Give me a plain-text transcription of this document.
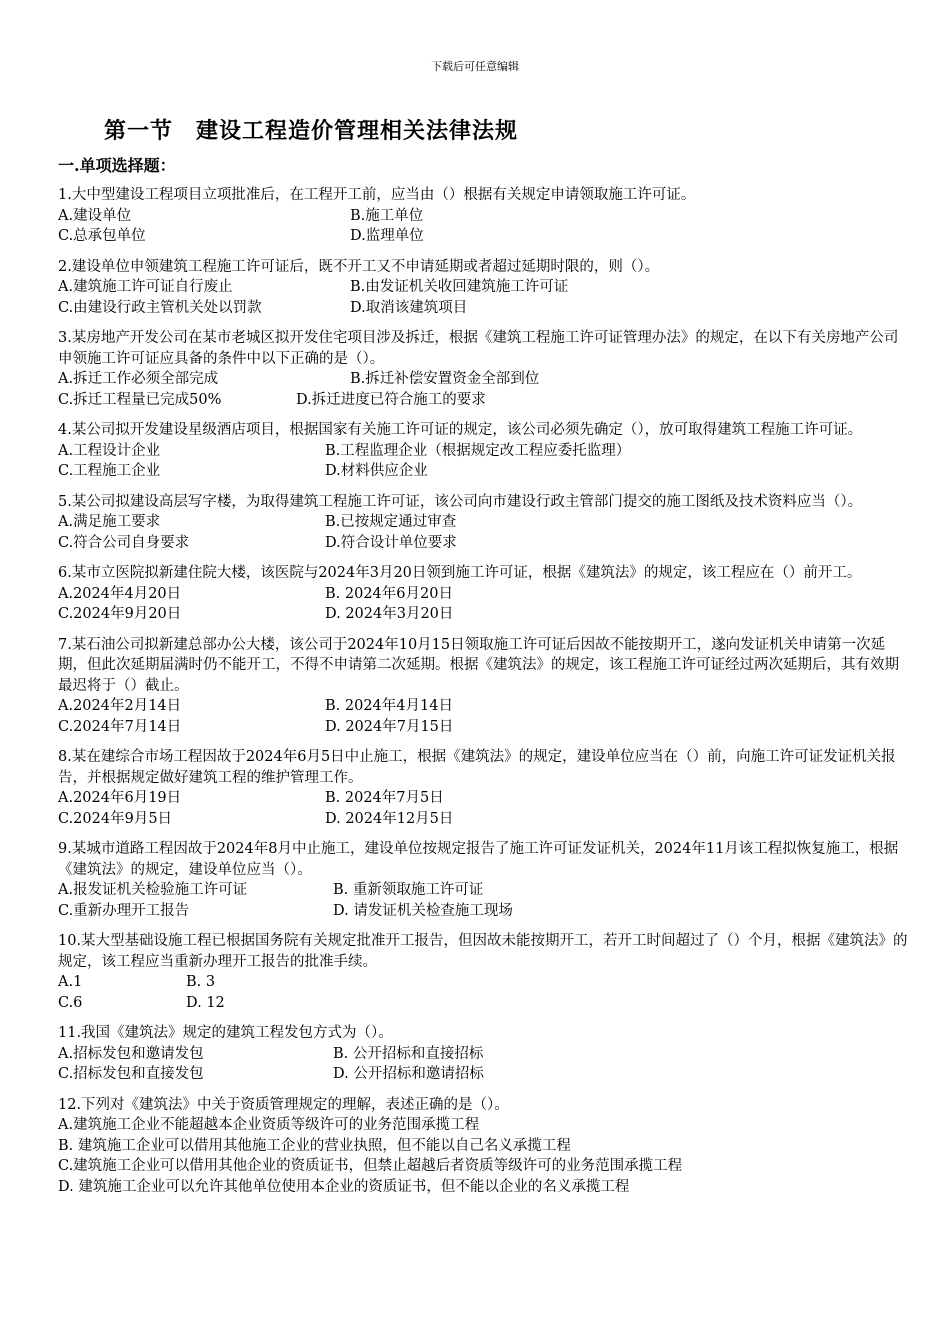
下载后可任意编辑
第一节　建设工程造价管理相关法律法规
一.单项选择题：

1.大中型建设工程项目立项批准后，在工程开工前，应当由（）根据有关规定申请领取施工许可证。

A.建设单位	B.施工单位
C.总承包单位	D.监理单位

2.建设单位申领建筑工程施工许可证后，既不开工又不申请延期或者超过延期时限的，则（）。

A.建筑施工许可证自行废止	B.由发证机关收回建筑施工许可证
C.由建设行政主管机关处以罚款	D.取消该建筑项目

3.某房地产开发公司在某市老城区拟开发住宅项目涉及拆迁，根据《建筑工程施工许可证管理办法》的规定，在以下有关房地产公司申领施工许可证应具备的条件中以下正确的是（）。

A.拆迁工作必须全部完成	B.拆迁补偿安置资金全部到位
C.拆迁工程量已完成50%	D.拆迁进度已符合施工的要求

4.某公司拟开发建设星级酒店项目，根据国家有关施工许可证的规定，该公司必须先确定（），放可取得建筑工程施工许可证。

A.工程设计企业	B.工程监理企业（根据规定改工程应委托监理）
C.工程施工企业	D.材料供应企业

5.某公司拟建设高层写字楼，为取得建筑工程施工许可证，该公司向市建设行政主管部门提交的施工图纸及技术资料应当（）。

A.满足施工要求	B.已按规定通过审查
C.符合公司自身要求	D.符合设计单位要求

6.某市立医院拟新建住院大楼，该医院与2024年3月20日领到施工许可证，根据《建筑法》的规定，该工程应在（）前开工。

A.2024年4月20日	B. 2024年6月20日
C.2024年9月20日	D. 2024年3月20日

7.某石油公司拟新建总部办公大楼，该公司于2024年10月15日领取施工许可证后因故不能按期开工，遂向发证机关申请第一次延期，但此次延期届满时仍不能开工，不得不申请第二次延期。根据《建筑法》的规定，该工程施工许可证经过两次延期后，其有效期最迟将于（）截止。

A.2024年2月14日	B. 2024年4月14日
C.2024年7月14日	D. 2024年7月15日

8.某在建综合市场工程因故于2024年6月5日中止施工，根据《建筑法》的规定，建设单位应当在（）前，向施工许可证发证机关报告，并根据规定做好建筑工程的维护管理工作。

A.2024年6月19日	B. 2024年7月5日
C.2024年9月5日	D. 2024年12月5日

9.某城市道路工程因故于2024年8月中止施工，建设单位按规定报告了施工许可证发证机关，2024年11月该工程拟恢复施工，根据《建筑法》的规定，建设单位应当（）。

A.报发证机关检验施工许可证	B. 重新领取施工许可证
C.重新办理开工报告	D. 请发证机关检查施工现场

10.某大型基础设施工程已根据国务院有关规定批准开工报告，但因故未能按期开工，若开工时间超过了（）个月，根据《建筑法》的规定，该工程应当重新办理开工报告的批准手续。

A.1	B. 3
C.6	D. 12

11.我国《建筑法》规定的建筑工程发包方式为（）。

A.招标发包和邀请发包	B. 公开招标和直接招标
C.招标发包和直接发包	D. 公开招标和邀请招标

12.下列对《建筑法》中关于资质管理规定的理解，表述正确的是（）。

A.建筑施工企业不能超越本企业资质等级许可的业务范围承揽工程
B. 建筑施工企业可以借用其他施工企业的营业执照，但不能以自己名义承揽工程
C.建筑施工企业可以借用其他企业的资质证书，但禁止超越后者资质等级许可的业务范围承揽工程
D. 建筑施工企业可以允许其他单位使用本企业的资质证书，但不能以企业的名义承揽工程
